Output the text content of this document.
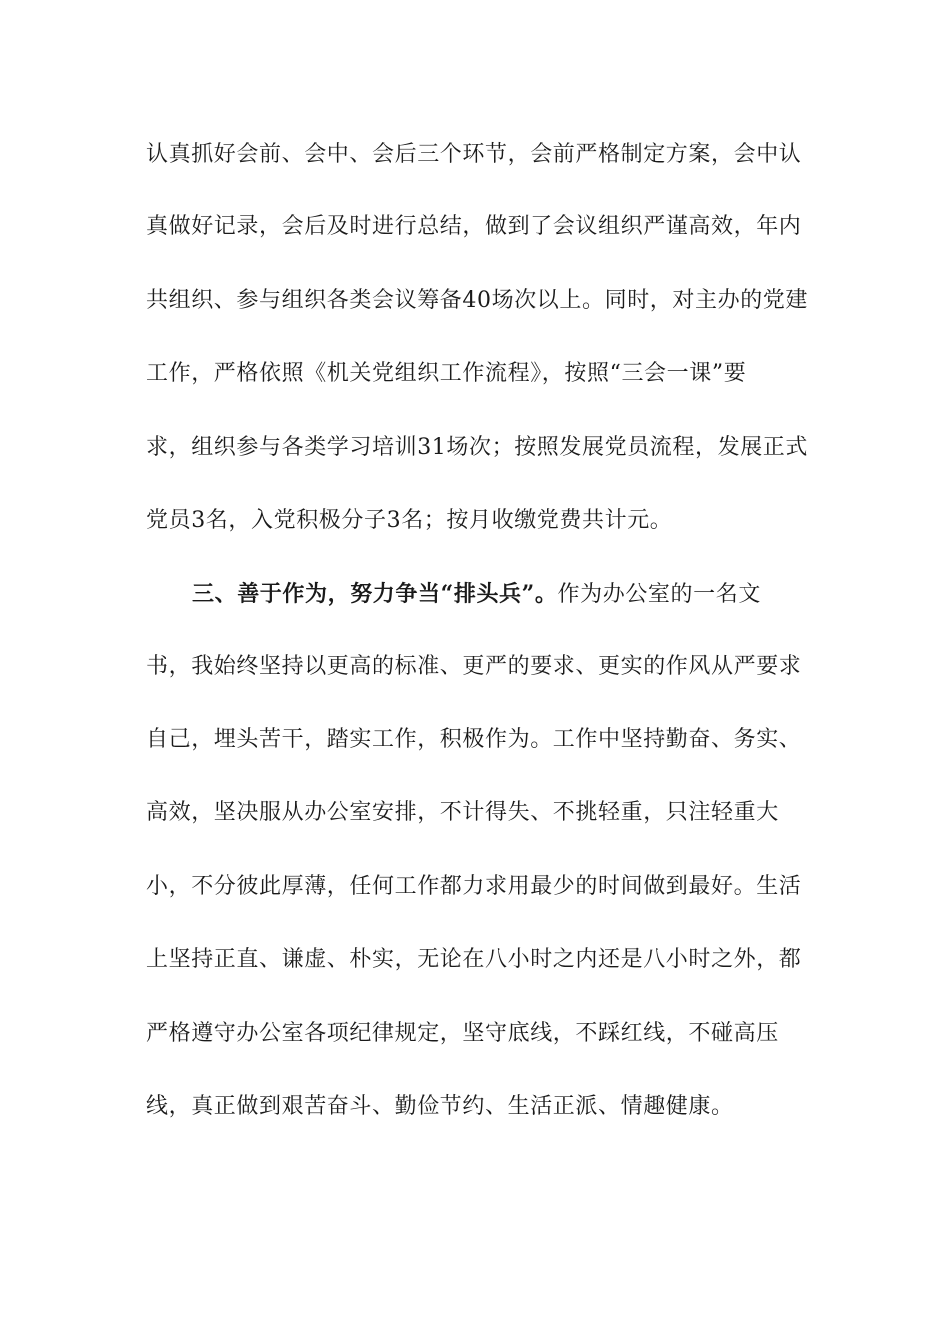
认真抓好会前、会中、会后三个环节，会前严格制定方案，会中认
真做好记录，会后及时进行总结，做到了会议组织严谨高效，年内
共组织、参与组织各类会议筹备40场次以上。同时，对主办的党建
工作，严格依照《机关党组织工作流程》，按照“三会一课”要
求，组织参与各类学习培训31场次；按照发展党员流程，发展正式
党员3名，入党积极分子3名；按月收缴党费共计元。
三、善于作为，努力争当“排头兵”。作为办公室的一名文
书，我始终坚持以更高的标准、更严的要求、更实的作风从严要求
自己，埋头苦干，踏实工作，积极作为。工作中坚持勤奋、务实、
高效，坚决服从办公室安排，不计得失、不挑轻重，只注轻重大
小，不分彼此厚薄，任何工作都力求用最少的时间做到最好。生活
上坚持正直、谦虚、朴实，无论在八小时之内还是八小时之外，都
严格遵守办公室各项纪律规定，坚守底线，不踩红线，不碰高压
线，真正做到艰苦奋斗、勤俭节约、生活正派、情趣健康。
